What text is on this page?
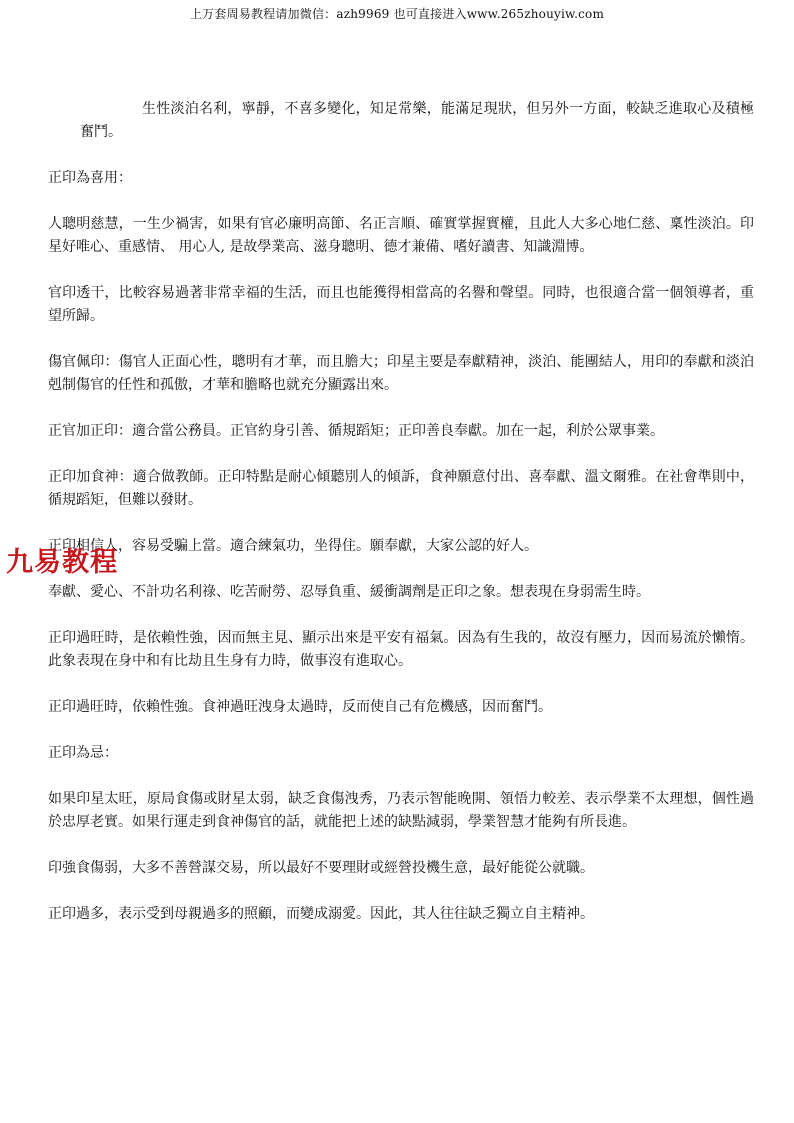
上万套周易教程请加微信：azh9969 也可直接进入www.265zhouyiw.com

生性淡泊名利，寧靜，不喜多變化，知足常樂，能滿足現狀，但另外一方面，較缺乏進取心及積極奮鬥。

正印為喜用：

人聰明慈慧，一生少禍害，如果有官必廉明高節、名正言順、確實掌握實權，且此人大多心地仁慈、稟性淡泊。印星好唯心、重感情、 用心人, 是故學業高、滋身聰明、德才兼備、嗜好讀書、知識淵博。

官印透干，比較容易過著非常幸福的生活，而且也能獲得相當高的名譽和聲望。同時，也很適合當一個領導者，重望所歸。

傷官佩印：傷官人正面心性，聰明有才華，而且膽大；印星主要是奉獻精神，淡泊、能團結人，用印的奉獻和淡泊剋制傷官的任性和孤傲，才華和膽略也就充分顯露出來。

正官加正印：適合當公務員。正官約身引善、循規蹈矩；正印善良奉獻。加在一起，利於公眾事業。

正印加食神：適合做教師。正印特點是耐心傾聽別人的傾訴，食神願意付出、喜奉獻、溫文爾雅。在社會準則中，循規蹈矩，但難以發財。

正印相信人，容易受騙上當。適合練氣功，坐得住。願奉獻，大家公認的好人。

奉獻、愛心、不計功名利祿、吃苦耐勞、忍辱負重、緩衝調劑是正印之象。想表現在身弱需生時。

正印過旺時，是依賴性強，因而無主見、顯示出來是平安有福氣。因為有生我的，故沒有壓力，因而易流於懶惰。此象表現在身中和有比劫且生身有力時，做事沒有進取心。

正印過旺時，依賴性強。食神過旺洩身太過時，反而使自己有危機感，因而奮鬥。

正印為忌：

如果印星太旺，原局食傷或財星太弱，缺乏食傷洩秀，乃表示智能晚開、領悟力較差、表示學業不太理想，個性過於忠厚老實。如果行運走到食神傷官的話，就能把上述的缺點減弱，學業智慧才能夠有所長進。

印強食傷弱，大多不善營謀交易，所以最好不要理財或經營投機生意，最好能從公就職。

正印過多，表示受到母親過多的照顧，而變成溺愛。因此，其人往往缺乏獨立自主精神。

九易教程
